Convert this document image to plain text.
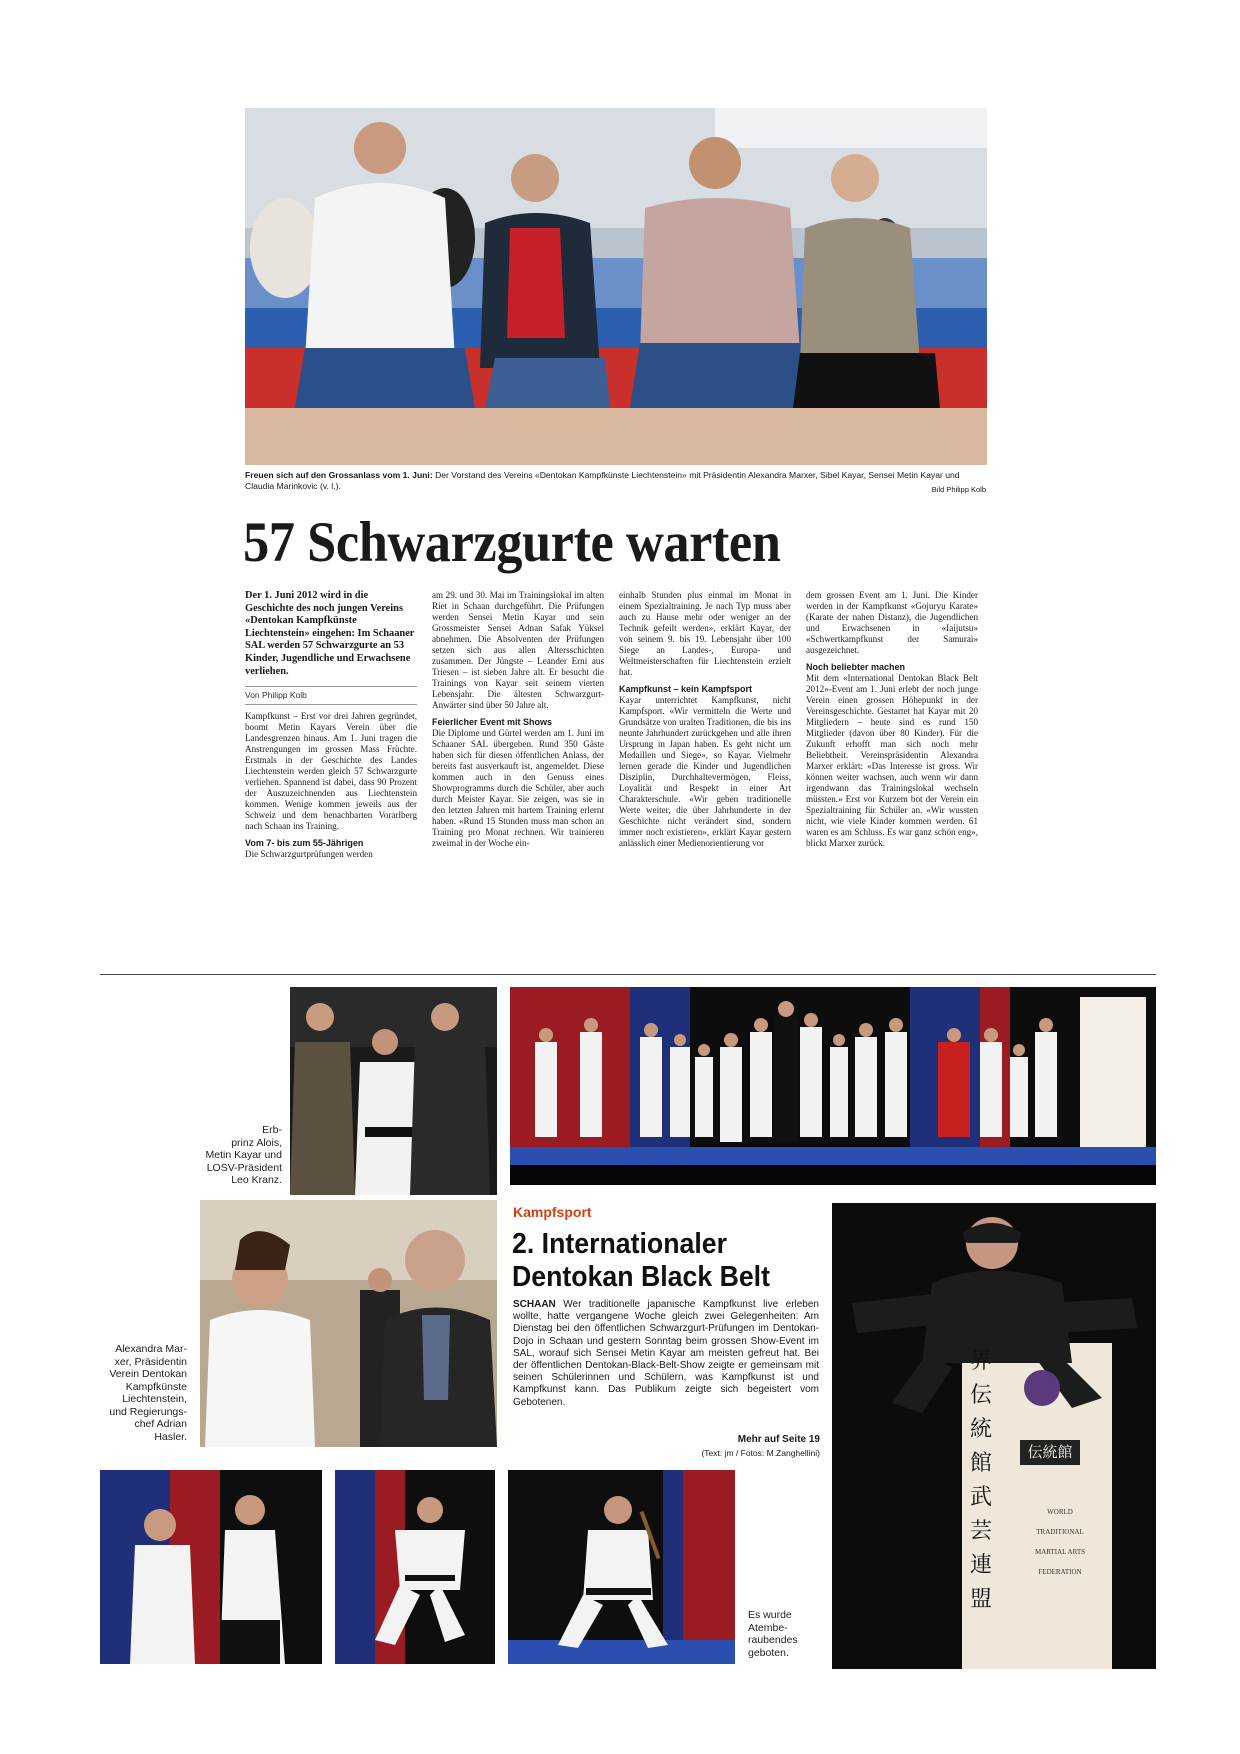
Freuen sich auf den Grossanlass vom 1. Juni: Der Vorstand des Vereins «Dentokan Kampfkünste Liechtenstein» mit Präsidentin Alexandra Marxer, Sibel Kayar, Sensei Metin Kayar und Claudia Marinkovic (v. l.).	Bild Philipp Kolb
57 Schwarzgurte warten

Der 1. Juni 2012 wird in die Geschichte des noch jungen Vereins «Dentokan Kampfkünste Liechtenstein» eingehen: Im Schaaner SAL werden 57 Schwarzgurte an 53 Kinder, Jugendliche und Erwachsene verliehen.

Von Philipp Kolb

Kampfkunst – Erst vor drei Jahren gegründet, boomt Metin Kayars Verein über die Landesgrenzen hinaus. Am 1. Juni tragen die Anstrengungen im grossen Mass Früchte. Erstmals in der Geschichte des Landes Liechtenstein werden gleich 57 Schwarzgurte verliehen. Spannend ist dabei, dass 90 Prozent der Auszuzeichnenden aus Liechtenstein kommen. Wenige kommen jeweils aus der Schweiz und dem benachbarten Vorarlberg nach Schaan ins Training.

Vom 7- bis zum 55-Jährigen

Die Schwarzgurtprüfungen werden

am 29. und 30. Mai im Trainingslokal im alten Riet in Schaan durchgeführt. Die Prüfungen werden Sensei Metin Kayar und sein Grossmeister Sensei Adnan Safak Yüksel abnehmen. Die Absolventen der Prüfungen setzen sich aus allen Altersschichten zusammen. Der Jüngste – Leander Erni aus Triesen – ist sieben Jahre alt. Er besucht die Trainings von Kayar seit seinem vierten Lebensjahr. Die ältesten Schwarzgurt-Anwärter sind über 50 Jahre alt.

Feierlicher Event mit Shows

Die Diplome und Gürtel werden am 1. Juni im Schaaner SAL übergeben. Rund 350 Gäste haben sich für diesen öffentlichen Anlass, der bereits fast ausverkauft ist, angemeldet. Diese kommen auch in den Genuss eines Showprogramms durch die Schüler, aber auch durch Meister Kayar. Sie zeigen, was sie in den letzten Jahren mit hartem Training erlernt haben. «Rund 15 Stunden muss man schon an Training pro Monat rechnen. Wir trainieren zweimal in der Woche ein-

einhalb Stunden plus einmal im Monat in einem Spezialtraining. Je nach Typ muss aber auch zu Hause mehr oder weniger an der Technik gefeilt werden», erklärt Kayar, der von seinem 9. bis 19. Lebensjahr über 100 Siege an Landes-, Europa- und Weltmeisterschaften für Liechtenstein erzielt hat.

Kampfkunst – kein Kampfsport

Kayar unterrichtet Kampfkunst, nicht Kampfsport. «Wir vermitteln die Werte und Grundsätze von uralten Traditionen, die bis ins neunte Jahrhundert zurückgehen und alle ihren Ursprung in Japan haben. Es geht nicht um Medaillen und Siege», so Kayar. Vielmehr lernen gerade die Kinder und Jugendlichen Disziplin, Durchhaltevermögen, Fleiss, Loyalität und Respekt in einer Art Charakterschule. «Wir geben traditionelle Werte weiter, die über Jahrhunderte in der Geschichte nicht verändert sind, sondern immer noch existieren», erklärt Kayar gestern anlässlich einer Medienorientierung vor

dem grossen Event am 1. Juni. Die Kinder werden in der Kampfkunst «Gojuryu Karate» (Karate der nahen Distanz), die Jugendlichen und Erwachsenen in «Iaijutsu» «Schwertkampfkunst der Samurai» ausgezeichnet.

Noch beliebter machen

Mit dem «International Dentokan Black Belt 2012»-Event am 1. Juni erlebt der noch junge Verein einen grossen Höhepunkt in der Vereinsgeschichte. Gestartet hat Kayar mit 20 Mitgliedern – heute sind es rund 150 Mitglieder (davon über 80 Kinder). Für die Zukunft erhofft man sich noch mehr Beliebtheit. Vereinspräsidentin Alexandra Marxer erklärt: «Das Interesse ist gross. Wir können weiter wachsen, auch wenn wir dann irgendwann das Trainingslokal wechseln müssten.» Erst vor Kurzem bot der Verein ein Spezialtraining für Schüler an. «Wir wussten nicht, wie viele Kinder kommen werden. 61 waren es am Schluss. Es war ganz schön eng», blickt Marxer zurück.

Erb-
prinz Alois,
Metin Kayar und
LOSV-Präsident
Leo Kranz.
Alexandra Mar-
xer, Präsidentin
Verein Dentokan
Kampfkünste
Liechtenstein,
und Regierungs-
chef Adrian
Hasler.
Kampfsport
2. Internationaler
Dentokan Black Belt
SCHAAN Wer traditionelle japanische Kampfkunst live erleben wollte, hatte vergangene Woche gleich zwei Gelegenheiten: Am Dienstag bei den öffentlichen Schwarzgurt-Prüfungen im Dentokan-Dojo in Schaan und gestern Sonntag beim grossen Show-Event im SAL, worauf sich Sensei Metin Kayar am meisten gefreut hat. Bei der öffentlichen Dentokan-Black-Belt-Show zeigte er gemeinsam mit seinen Schülerinnen und Schülern, was Kampfkunst ist und Kampfkunst kann. Das Publikum zeigte sich begeistert vom Gebotenen.
Mehr auf Seite 19
(Text: jm / Fotos: M.Zanghellini)	伝統館
界伝統館武芸連盟
WORLD
TRADITIONAL
MARTIAL ARTS
FEDERATION
Es wurde
Atembe-
raubendes
geboten.
